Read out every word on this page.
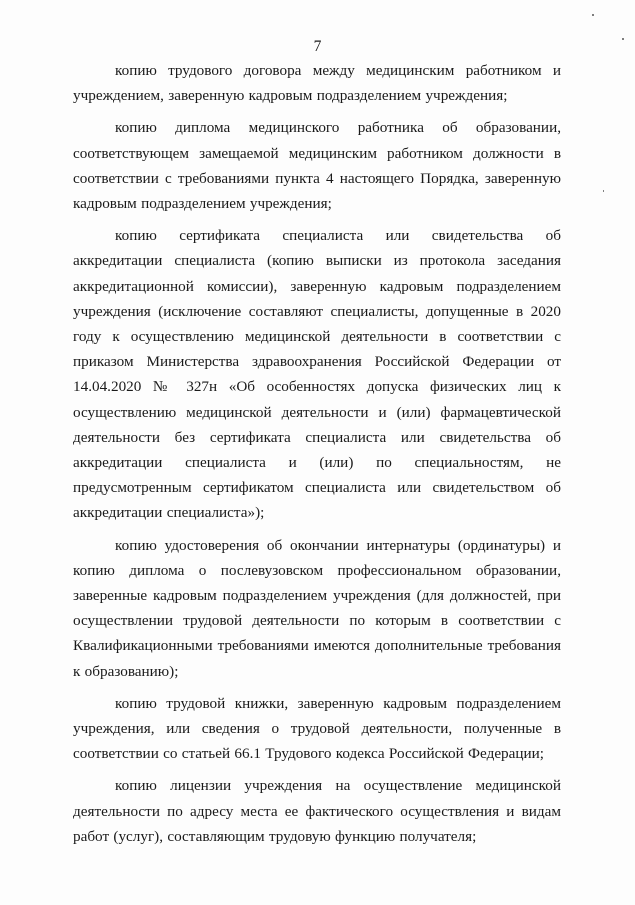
7

копию трудового договора между медицинским работником и учреждением, заверенную кадровым подразделением учреждения;

копию диплома медицинского работника об образовании, соответствующем замещаемой медицинским работником должности в соответствии с требованиями пункта 4 настоящего Порядка, заверенную кадровым подразделением учреждения;

копию сертификата специалиста или свидетельства об аккредитации специалиста (копию выписки из протокола заседания аккредитационной комиссии), заверенную кадровым подразделением учреждения (исключение составляют специалисты, допущенные в 2020 году к осуществлению медицинской деятельности в соответствии с приказом Министерства здравоохранения Российской Федерации от 14.04.2020 № 327н «Об особенностях допуска физических лиц к осуществлению медицинской деятельности и (или) фармацевтической деятельности без сертификата специалиста или свидетельства об аккредитации специалиста и (или) по специальностям, не предусмотренным сертификатом специалиста или свидетельством об аккредитации специалиста»);

копию удостоверения об окончании интернатуры (ординатуры) и копию диплома о послевузовском профессиональном образовании, заверенные кадровым подразделением учреждения (для должностей, при осуществлении трудовой деятельности по которым в соответствии с Квалификационными требованиями имеются дополнительные требования к образованию);

копию трудовой книжки, заверенную кадровым подразделением учреждения, или сведения о трудовой деятельности, полученные в соответствии со статьей 66.1 Трудового кодекса Российской Федерации;

копию лицензии учреждения на осуществление медицинской деятельности по адресу места ее фактического осуществления и видам работ (услуг), составляющим трудовую функцию получателя;
